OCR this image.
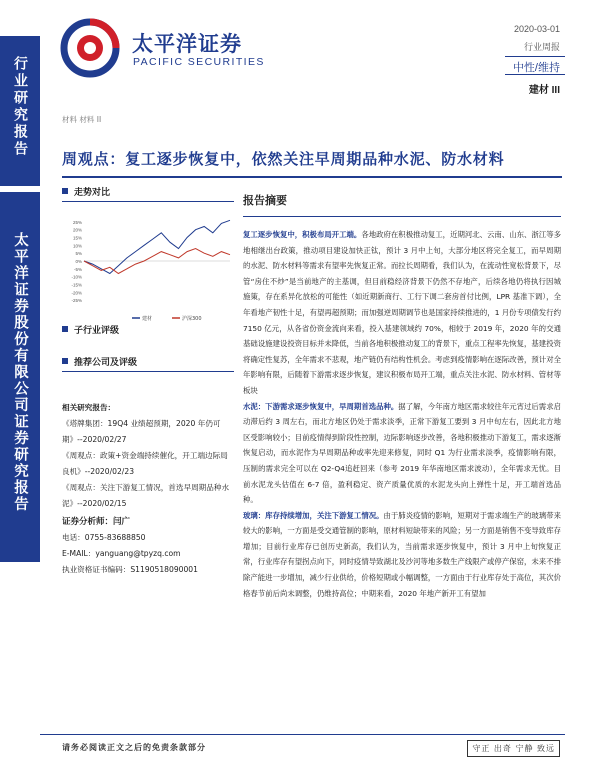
行业研究报告
太平洋证券股份有限公司证券研究报告
太平洋证券
PACIFIC SECURITIES
2020-03-01
行业周报
中性/维持
建材 III
材料 材料 II
周观点：复工逐步恢复中，依然关注早周期品种水泥、防水材料
走势对比
25%
20%
15%
10%
5%
0%
-5%
-10%
-15%
-20%
-25%
建材	沪深300
子行业评级
推荐公司及评级
相关研究报告：
《塔牌集团：19Q4 业绩超预期，2020 年仍可期》--2020/02/27
《周观点：政策+资金端持续催化，开工端边际局良机》--2020/02/23
《周观点：关注下游复工情况，首选早周期品种水泥》--2020/02/15
证券分析师：闫广
电话：0755-83688850
E-MAIL：yanguang@tpyzq.com
执业资格证书编码：S1190518090001
报告摘要

复工逐步恢复中，积极布局开工端。各地政府在积极推动复工，近期河北、云南、山东、浙江等多地相继出台政策，推动项目建设加快正钛，预计 3 月中上旬，大部分地区将完全复工，而早周期的水泥、防水材料等需求有望率先恢复正常。而拉长周期看，我们认为，在流动性宽松背景下，尽管“房住不炒”是当前地产的主基调，但目前稳经济背景下仍然不存地产，后续各地仍将执行因城施策，存在系异化放松的可能性（如近期新商行、工行下调二套房首付比例，LPR 基准下调），全年看地产韧性十足，有望再超预期；而加强逆周期调节也是国家持续推进的，1 月份专项债发行约 7150 亿元，从各省份资金流向来看，投入基建领域约 70%，相较于 2019 年，2020 年的交通基础设施建设投资目标并未降低，当前各地积极推动复工的背景下，重点工程率先恢复，基建投资将确定性复苏，全年需求不悲观，地产链仍有结构性机会。考虑到疫情影响在逐际改善，预计对全年影响有限，后随着下游需求逐步恢复，建议积极布局开工端，重点关注水泥、防水材料、管材等板块

水泥：下游需求逐步恢复中，早周期首选品种。据了解，今年南方地区需求较往年元宵过后需求启动滞后约 3 周左右，而北方地区仍处于需求淡季，正常下游复工要到 3 月中旬左右，因此北方地区受影响较小；目前疫情得到阶段性控制，边际影响逐步改善，各地积极推动下游复工，需求逐渐恢复启动，而水泥作为早周期品种或率先迎来修复，同时 Q1 为行业需求淡季，疫情影响有限，压制的需求完全可以在 Q2-Q4追赶回来（参考 2019 年华南地区需求波动），全年需求无忧。目前水泥龙头估值在 6-7 倍，盈利稳定、资产质量优质的水泥龙头向上弹性十足，开工端首选品种。

玻璃：库存持续增加，关注下游复工情况。由于肺炎疫情的影响，短期对于需求端生产的玻璃带来较大的影响，一方面是受交通管制的影响，原材料短缺带来的风险；另一方面是销售不变导致库存增加；目前行业库存已创历史新高，我们认为，当前需求逐步恢复中，预计 3 月中上旬恢复正常，行业库存有望拐点向下，同时疫情导致湖北及沙河等地多数生产线限产或停产保窑，未来不排除产能进一步增加，减少行业供给，价格短期或小幅调整，一方面由于行业库存处于高位，其次价格春节前后尚未调整，仍维持高位；中期来看，2020 年地产新开工有望加

请务必阅读正文之后的免责条款部分	守正 出奇 宁静 致远
